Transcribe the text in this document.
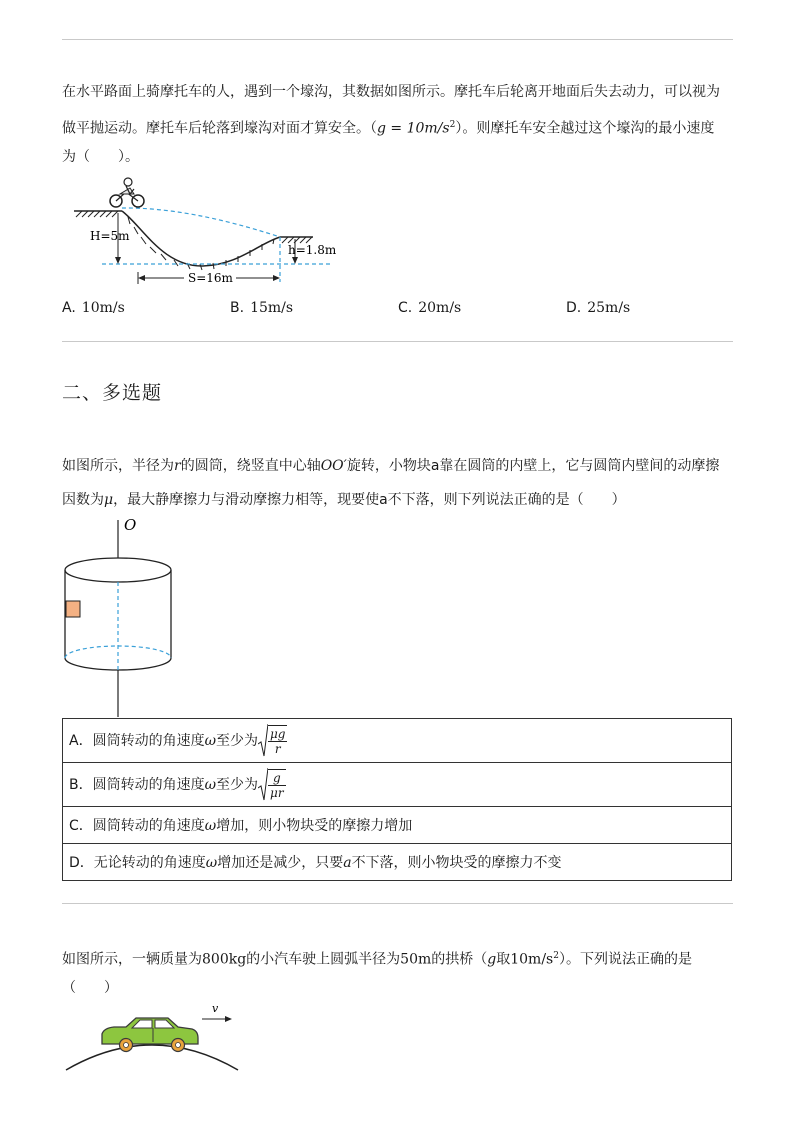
在水平路面上骑摩托车的人，遇到一个壕沟，其数据如图所示。摩托车后轮离开地面后失去动力，可以视为
做平抛运动。摩托车后轮落到壕沟对面才算安全。$(g = 10m/s^2)$。则摩托车安全越过这个壕沟的最小速度
为（　　）。
H=5m
h=1.8m
S=16m
A. 10m/s	B. 15m/s	C. 20m/s	D. 25m/s
二、多选题
如图所示，半径为r的圆筒，绕竖直中心轴OO′旋转，小物块a靠在圆筒的内壁上，它与圆筒内壁间的动摩擦
因数为μ，最大静摩擦力与滑动摩擦力相等，现要使a不下落，则下列说法正确的是（　　）
O
A．圆筒转动的角速度ω至少为 $\frac{\mu g}{r}$

B．圆筒转动的角速度ω至少为 $\frac{g}{\mu r}$

C．圆筒转动的角速度ω增加，则小物块受的摩擦力增加
D．无论转动的角速度ω增加还是减少，只要a不下落，则小物块受的摩擦力不变
如图所示，一辆质量为800kg的小汽车驶上圆弧半径为50m的拱桥（g取$10m/s^2$）。下列说法正确的是
（　　）
v
